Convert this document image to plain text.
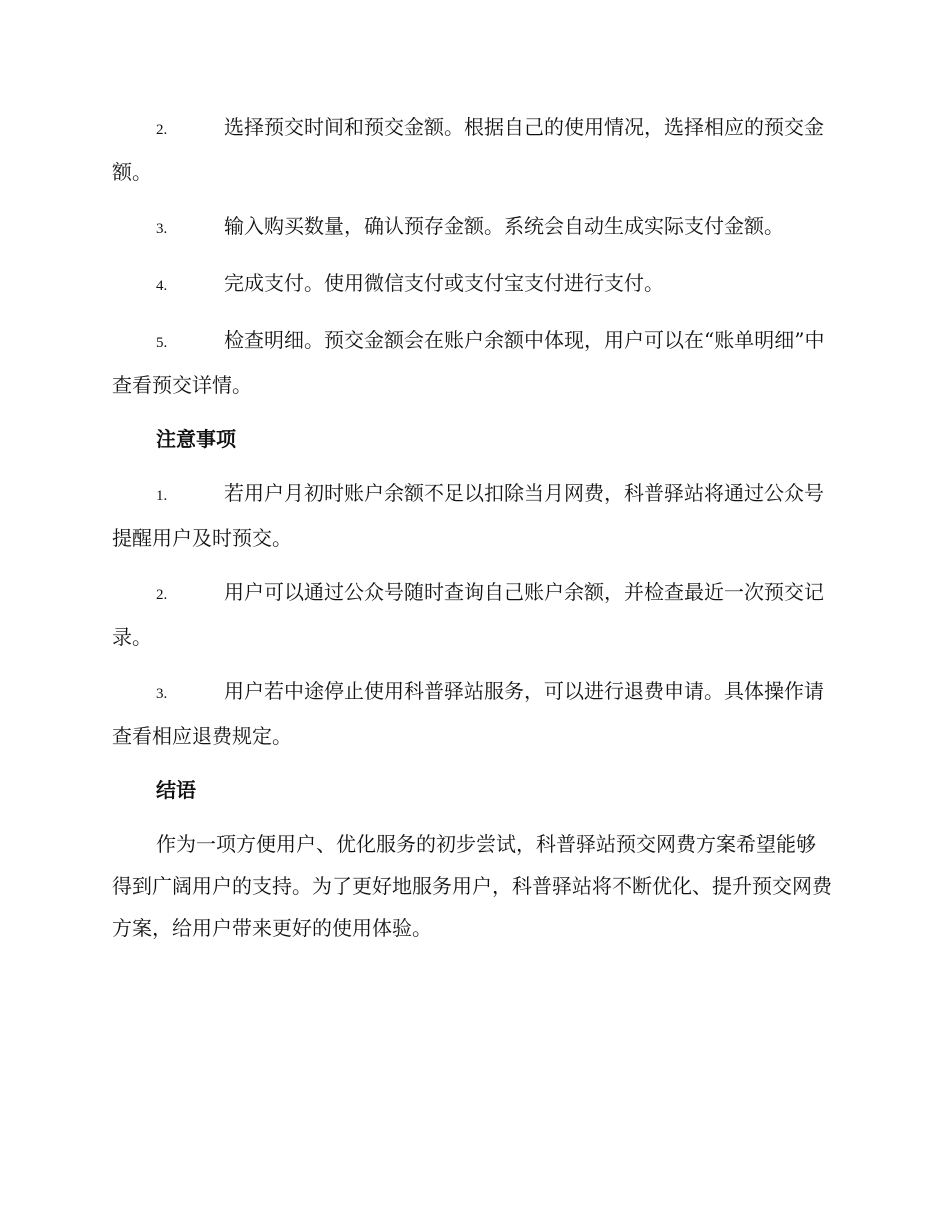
2.	选择预交时间和预交金额。根据自己的使用情况，选择相应的预交金额。

3.	输入购买数量，确认预存金额。系统会自动生成实际支付金额。

4.	完成支付。使用微信支付或支付宝支付进行支付。

5.	检查明细。预交金额会在账户余额中体现，用户可以在“账单明细”中查看预交详情。

注意事项

1.	若用户月初时账户余额不足以扣除当月网费，科普驿站将通过公众号提醒用户及时预交。

2.	用户可以通过公众号随时查询自己账户余额，并检查最近一次预交记录。

3.	用户若中途停止使用科普驿站服务，可以进行退费申请。具体操作请查看相应退费规定。

结语

作为一项方便用户、优化服务的初步尝试，科普驿站预交网费方案希望能够得到广阔用户的支持。为了更好地服务用户，科普驿站将不断优化、提升预交网费方案，给用户带来更好的使用体验。
